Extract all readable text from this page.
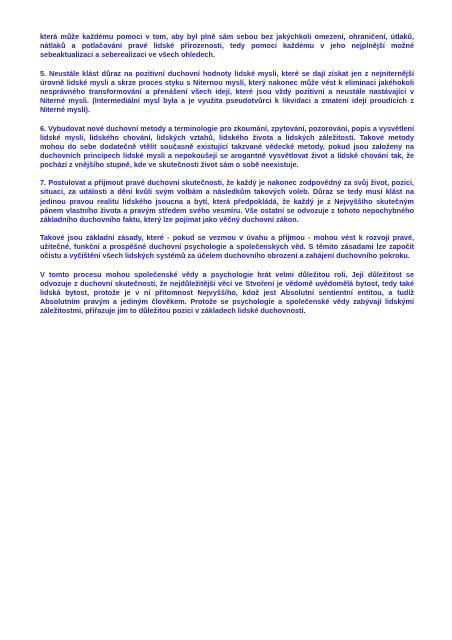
která může každému pomoci v tom, aby byl plně sám sebou bez jakýchkoli omezení, ohraničení, útlaků, nátlaků a potlačování pravé lidské přirozenosti, tedy pomoci každému v jeho nejplnější možné sebeaktualizaci a seberealizaci ve všech ohledech.

5. Neustále klást důraz na pozitivní duchovní hodnoty lidské mysli, které se dají získat jen z nejniternější úrovně lidské mysli a skrze proces styku s Niternou myslí, který nakonec může vést k eliminaci jakéhokoli nesprávného transformování a přenášení všech idejí, které jsou vždy pozitivní a neustále nastávající v Niterné mysli. (Intermediální mysl byla a je využita pseudotvůrci k likvidaci a zmatení idejí proudících z Niterné mysli).

6. Vybudovat nové duchovní metody a terminologie pro zkoumání, zpytování, pozorování, popis a vysvětlení lidské mysli, lidského chování, lidských vztahů, lidského života a lidských záležitostí. Takové metody mohou do sebe dodatečně vtělit současně existující takzvané vědecké metody, pokud jsou založeny na duchovních principech lidské mysli a nepokoušejí se arogantně vysvětlovat život a lidské chování tak, že pochází z vnějšího stupně, kde ve skutečnosti život sám o sobě neexistuje.

7. Postulovat a přijmout pravé duchovní skutečnosti, že každý je nakonec zodpovědný za svůj život, pozici, situaci, za události a dění kvůli svým volbám a následkům takových voleb. Důraz se tedy musí klást na jedinou pravou realitu lidského jsoucna a bytí, která předpokládá, že každý je z Nejvyššího skutečným pánem vlastního života a pravým středem svého vesmíru. Vše ostatní se odvozuje z tohoto nepochybného základního duchovního faktu, který lze pojímat jako věčný duchovní zákon.

Takové jsou základní zásady, které - pokud se vezmou v úvahu a přijmou - mohou vést k rozvoji pravé, užitečné, funkční a prospěšné duchovní psychologie a společenských věd. S těmito zásadami lze započít očistu a vyčištění všech lidských systémů za účelem duchovního obrození a zahájení duchovního pokroku.

V tomto procesu mohou společenské vědy a psychologie hrát velmi důležitou roli. Její důležitost se odvozuje z duchovní skutečnosti, že nejdůležitější věcí ve Stvoření je vědomě uvědomělá bytost, tedy také lidská bytost, protože je v ní přítomnost Nejvyššího, kdož jest Absolutní sentientní entitou, a tudíž Absolutním pravým a jediným člověkem. Protože se psychologie a společenské vědy zabývají lidskými záležitostmi, přiřazuje jim to důležitou pozici v základech lidské duchovnosti.
